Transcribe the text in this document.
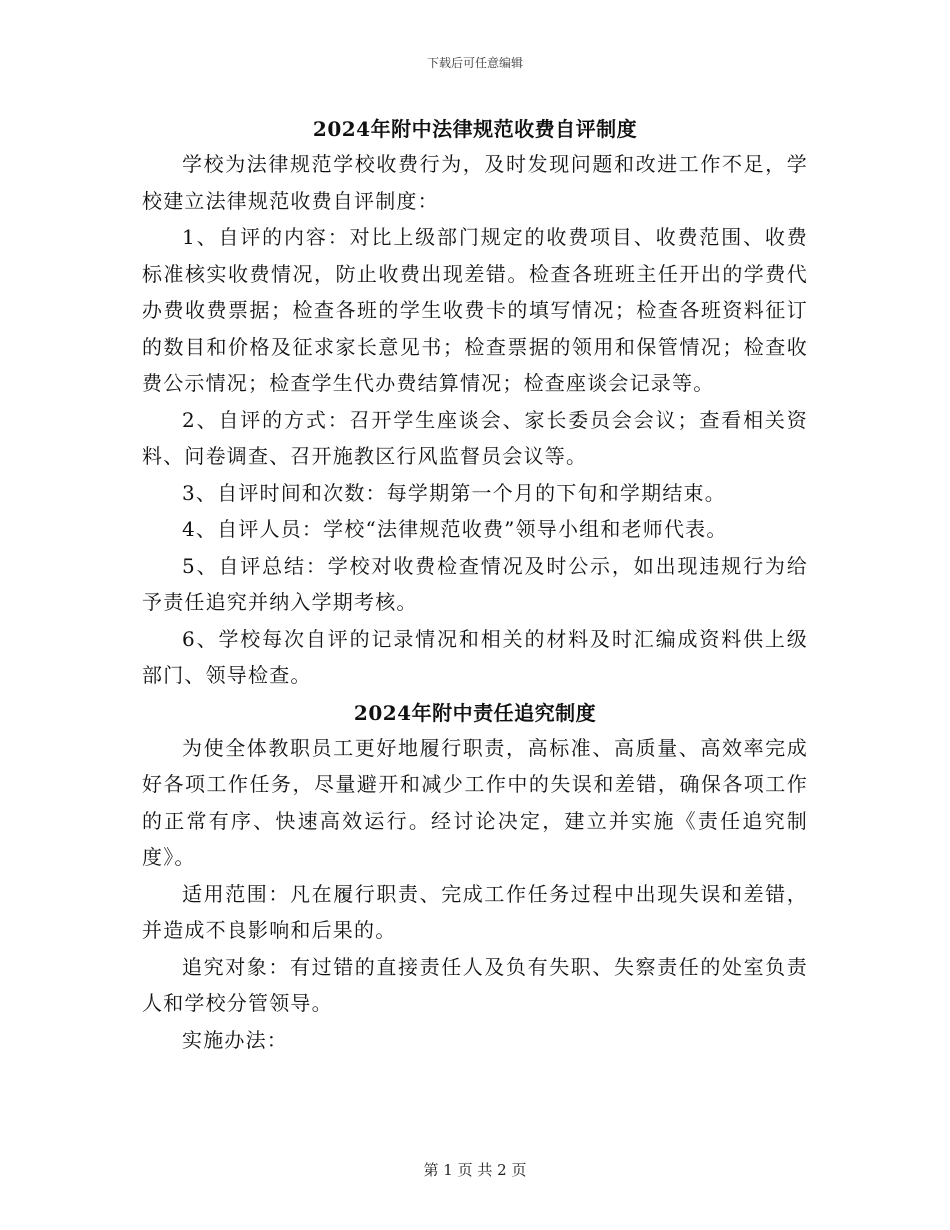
下载后可任意编辑
2024年附中法律规范收费自评制度

学校为法律规范学校收费行为，及时发现问题和改进工作不足，学校建立法律规范收费自评制度：

1、自评的内容：对比上级部门规定的收费项目、收费范围、收费标准核实收费情况，防止收费出现差错。检查各班班主任开出的学费代办费收费票据；检查各班的学生收费卡的填写情况；检查各班资料征订的数目和价格及征求家长意见书；检查票据的领用和保管情况；检查收费公示情况；检查学生代办费结算情况；检查座谈会记录等。

2、自评的方式：召开学生座谈会、家长委员会会议；查看相关资料、问卷调查、召开施教区行风监督员会议等。

3、自评时间和次数：每学期第一个月的下旬和学期结束。

4、自评人员：学校“法律规范收费”领导小组和老师代表。

5、自评总结：学校对收费检查情况及时公示，如出现违规行为给予责任追究并纳入学期考核。

6、学校每次自评的记录情况和相关的材料及时汇编成资料供上级部门、领导检查。

2024年附中责任追究制度

为使全体教职员工更好地履行职责，高标准、高质量、高效率完成好各项工作任务，尽量避开和减少工作中的失误和差错，确保各项工作的正常有序、快速高效运行。经讨论决定，建立并实施《责任追究制度》。

适用范围：凡在履行职责、完成工作任务过程中出现失误和差错，并造成不良影响和后果的。

追究对象：有过错的直接责任人及负有失职、失察责任的处室负责人和学校分管领导。

实施办法：

第 1 页 共 2 页
